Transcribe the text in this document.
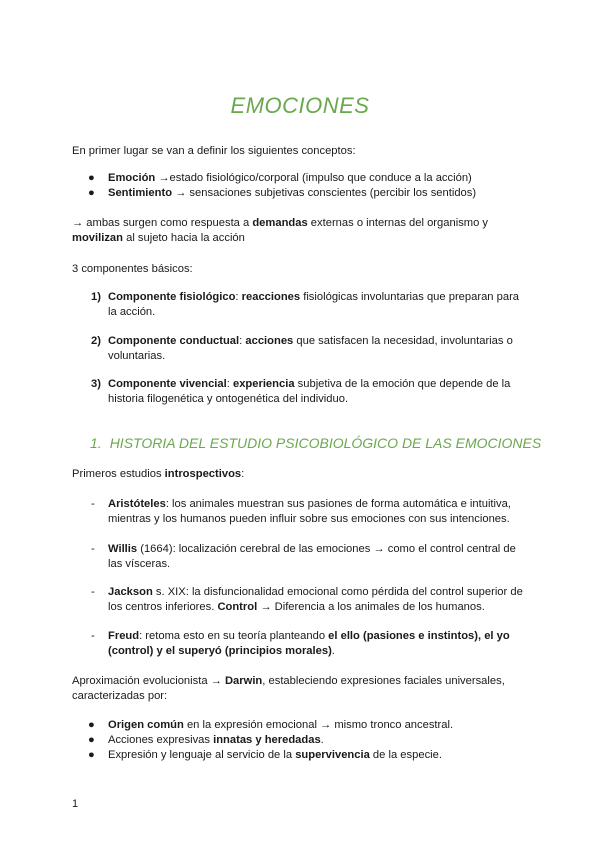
EMOCIONES
En primer lugar se van a definir los siguientes conceptos:
● Emoción →estado fisiológico/corporal (impulso que conduce a la acción)
● Sentimiento → sensaciones subjetivas conscientes (percibir los sentidos)
→ ambas surgen como respuesta a demandas externas o internas del organismo y movilizan al sujeto hacia la acción
3 componentes básicos:
1) Componente fisiológico: reacciones fisiológicas involuntarias que preparan para la acción.
2) Componente conductual: acciones que satisfacen la necesidad, involuntarias o voluntarias.
3) Componente vivencial: experiencia subjetiva de la emoción que depende de la historia filogenética y ontogenética del individuo.
1. HISTORIA DEL ESTUDIO PSICOBIOLÓGICO DE LAS EMOCIONES
Primeros estudios introspectivos:
- Aristóteles: los animales muestran sus pasiones de forma automática e intuitiva, mientras y los humanos pueden influir sobre sus emociones con sus intenciones.
- Willis (1664): localización cerebral de las emociones → como el control central de las vísceras.
- Jackson s. XIX: la disfuncionalidad emocional como pérdida del control superior de los centros inferiores. Control → Diferencia a los animales de los humanos.
- Freud: retoma esto en su teoría planteando el ello (pasiones e instintos), el yo (control) y el superyó (principios morales).
Aproximación evolucionista → Darwin, estableciendo expresiones faciales universales, caracterizadas por:
● Origen común en la expresión emocional → mismo tronco ancestral.
● Acciones expresivas innatas y heredadas.
● Expresión y lenguaje al servicio de la supervivencia de la especie.
1
